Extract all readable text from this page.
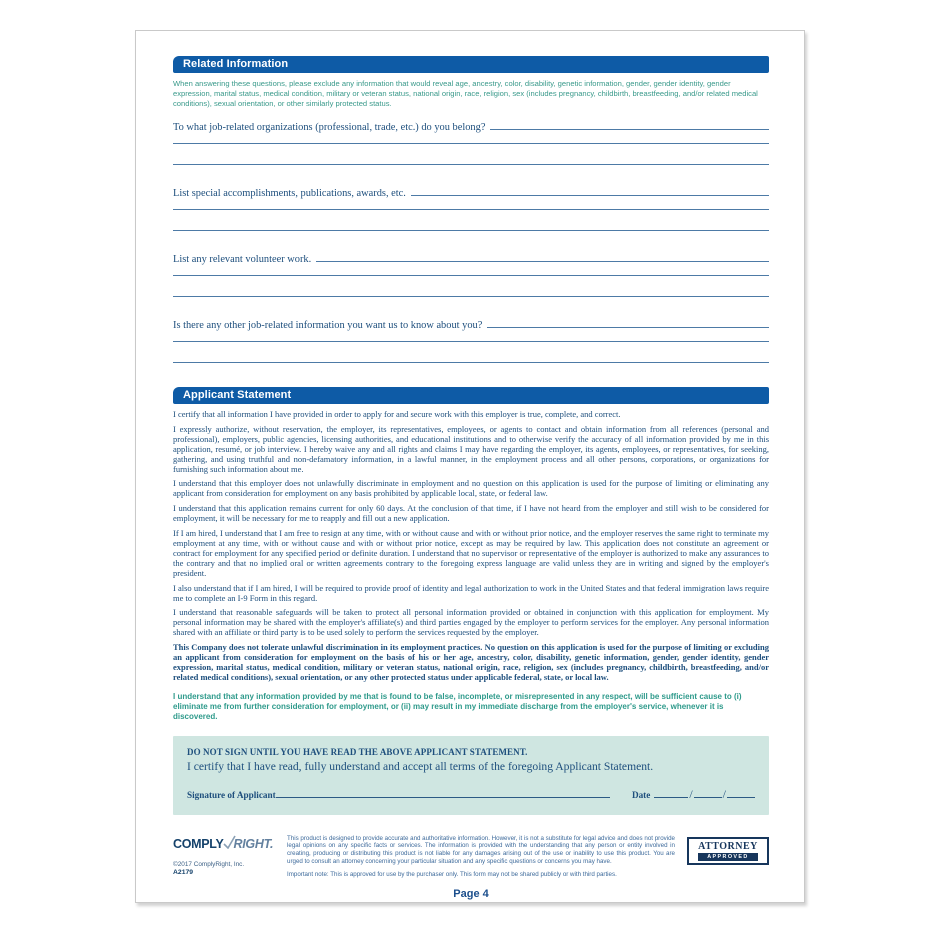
Related Information
When answering these questions, please exclude any information that would reveal age, ancestry, color, disability, genetic information, gender, gender identity, gender expression, marital status, medical condition, military or veteran status, national origin, race, religion, sex (includes pregnancy, childbirth, breastfeeding, and/or related medical conditions), sexual orientation, or other similarly protected status.
To what job-related organizations (professional, trade, etc.) do you belong?
List special accomplishments, publications, awards, etc.
List any relevant volunteer work.
Is there any other job-related information you want us to know about you?
Applicant Statement

I certify that all information I have provided in order to apply for and secure work with this employer is true, complete, and correct.

I expressly authorize, without reservation, the employer, its representatives, employees, or agents to contact and obtain information from all references (personal and professional), employers, public agencies, licensing authorities, and educational institutions and to otherwise verify the accuracy of all information provided by me in this application, resumé, or job interview. I hereby waive any and all rights and claims I may have regarding the employer, its agents, employees, or representatives, for seeking, gathering, and using truthful and non-defamatory information, in a lawful manner, in the employment process and all other persons, corporations, or organizations for furnishing such information about me.

I understand that this employer does not unlawfully discriminate in employment and no question on this application is used for the purpose of limiting or eliminating any applicant from consideration for employment on any basis prohibited by applicable local, state, or federal law.

I understand that this application remains current for only 60 days. At the conclusion of that time, if I have not heard from the employer and still wish to be considered for employment, it will be necessary for me to reapply and fill out a new application.

If I am hired, I understand that I am free to resign at any time, with or without cause and with or without prior notice, and the employer reserves the same right to terminate my employment at any time, with or without cause and with or without prior notice, except as may be required by law. This application does not constitute an agreement or contract for employment for any specified period or definite duration. I understand that no supervisor or representative of the employer is authorized to make any assurances to the contrary and that no implied oral or written agreements contrary to the foregoing express language are valid unless they are in writing and signed by the employer's president.

I also understand that if I am hired, I will be required to provide proof of identity and legal authorization to work in the United States and that federal immigration laws require me to complete an I-9 Form in this regard.

I understand that reasonable safeguards will be taken to protect all personal information provided or obtained in conjunction with this application for employment. My personal information may be shared with the employer's affiliate(s) and third parties engaged by the employer to perform services for the employer. Any personal information shared with an affiliate or third party is to be used solely to perform the services requested by the employer.

This Company does not tolerate unlawful discrimination in its employment practices. No question on this application is used for the purpose of limiting or excluding an applicant from consideration for employment on the basis of his or her age, ancestry, color, disability, genetic information, gender, gender identity, gender expression, marital status, medical condition, military or veteran status, national origin, race, religion, sex (includes pregnancy, childbirth, breastfeeding, and/or related medical conditions), sexual orientation, or any other protected status under applicable federal, state, or local law.

I understand that any information provided by me that is found to be false, incomplete, or misrepresented in any respect, will be sufficient cause to (i) eliminate me from further consideration for employment, or (ii) may result in my immediate discharge from the employer's service, whenever it is discovered.

DO NOT SIGN UNTIL YOU HAVE READ THE ABOVE APPLICANT STATEMENT.
I certify that I have read, fully understand and accept all terms of the foregoing Applicant Statement.
Signature of Applicant	Date	/	/
COMPLY RIGHT.
©2017 ComplyRight, Inc.
A2179
This product is designed to provide accurate and authoritative information. However, it is not a substitute for legal advice and does not provide legal opinions on any specific facts or services. The information is provided with the understanding that any person or entity involved in creating, producing or distributing this product is not liable for any damages arising out of the use or inability to use this product. You are urged to consult an attorney concerning your particular situation and any specific questions or concerns you may have.
Important note: This is approved for use by the purchaser only. This form may not be shared publicly or with third parties.
ATTORNEY
APPROVED
Page 4
